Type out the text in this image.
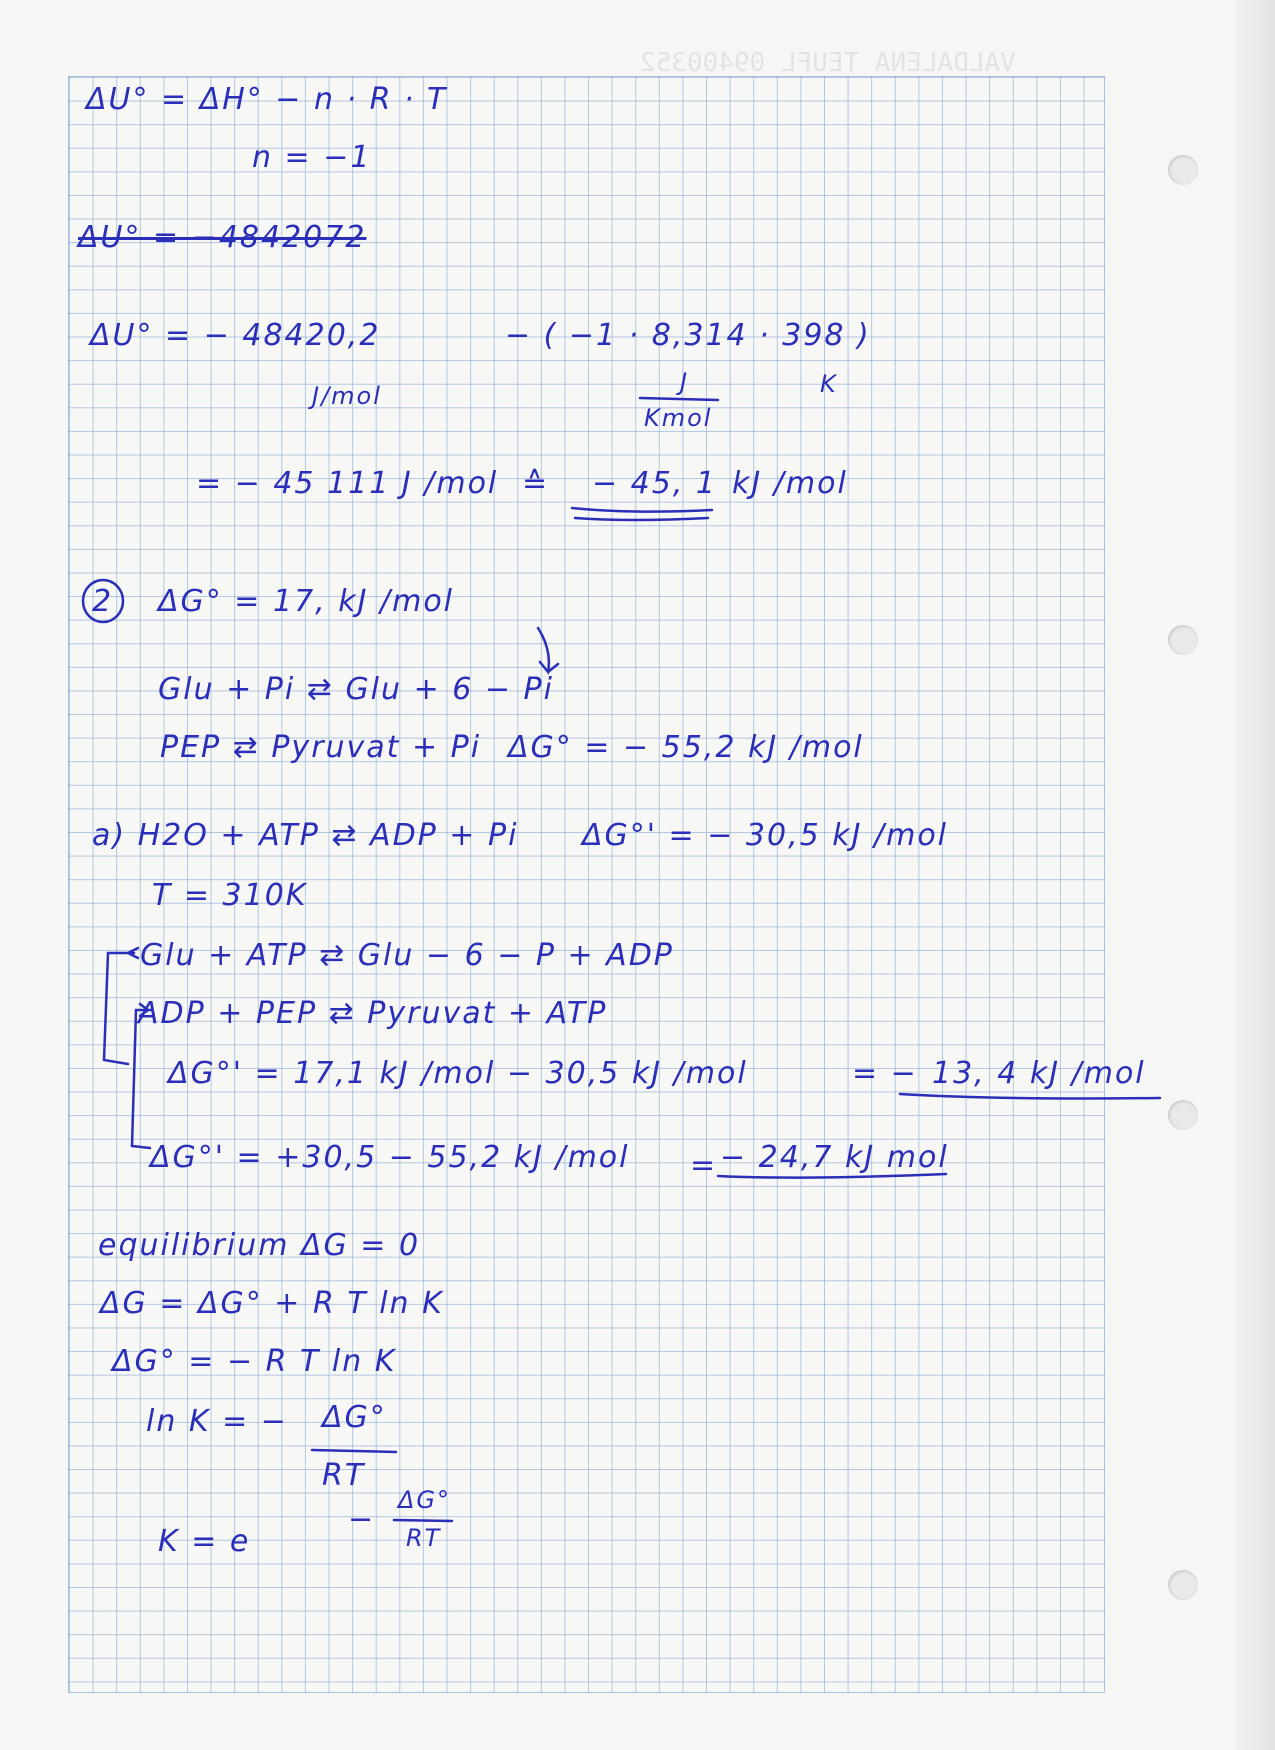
VALDALENA TEUFL 09400352
ΔU° = ΔH° − n · R · T
n = −1
ΔU° = −4842072
ΔU° = − 48420,2	− ( −1 · 8,314 · 398 )
J/mol	J
Kmol
K
= − 45 111 J /mol ≙ − 45, 1 kJ /mol
2 ΔG° = 17, kJ /mol
Glu + Pi ⇄ Glu + 6 − Pi
PEP ⇄ Pyruvat + Pi ΔG° = − 55,2 kJ /mol
a) H2O + ATP ⇄ ADP + Pi ΔG°' = − 30,5 kJ /mol
T = 310K
Glu + ATP ⇄ Glu − 6 − P + ADP
ADP + PEP ⇄ Pyruvat + ATP
ΔG°' = 17,1 kJ /mol − 30,5 kJ /mol	= − 13, 4 kJ /mol
ΔG°' = +30,5 − 55,2 kJ /mol = − 24,7 kJ mol
equilibrium ΔG = 0
ΔG = ΔG° + R T ln K
ΔG° = − R T ln K
ln K = − ΔG°
RT
K = e
−
ΔG°
RT
